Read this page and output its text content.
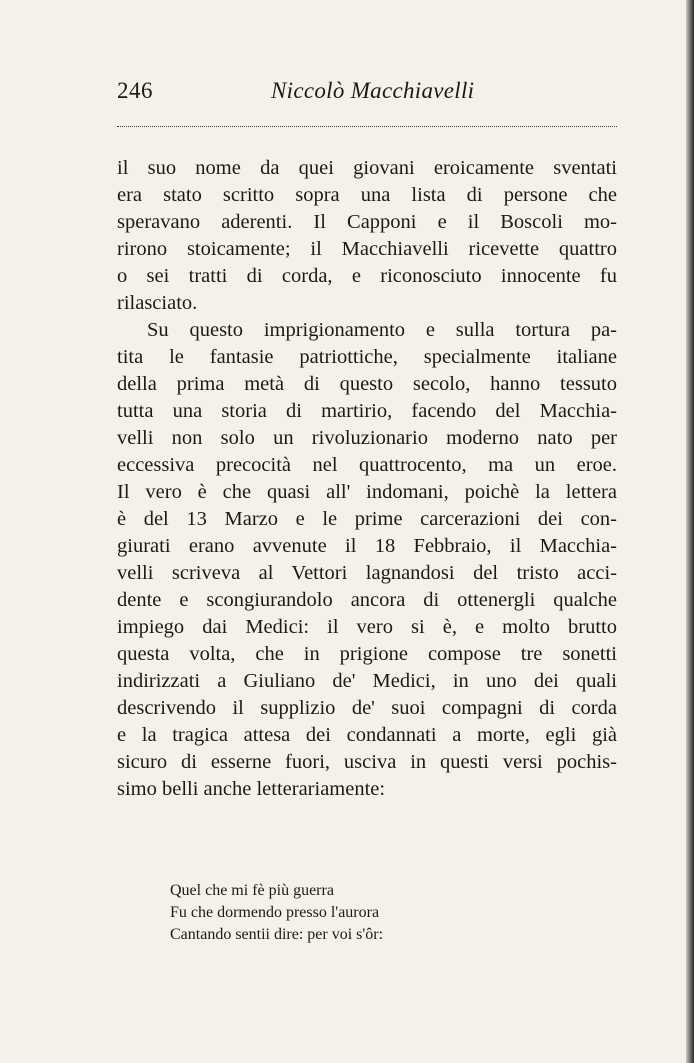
246	Niccolò Macchiavelli
il suo nome da quei giovani eroicamente sventati
era stato scritto sopra una lista di persone che
speravano aderenti. Il Capponi e il Boscoli mo-
rirono stoicamente; il Macchiavelli ricevette quattro
o sei tratti di corda, e riconosciuto innocente fu
rilasciato.
Su questo imprigionamento e sulla tortura pa-
tita le fantasie patriottiche, specialmente italiane
della prima metà di questo secolo, hanno tessuto
tutta una storia di martirio, facendo del Macchia-
velli non solo un rivoluzionario moderno nato per
eccessiva precocità nel quattrocento, ma un eroe.
Il vero è che quasi all' indomani, poichè la lettera
è del 13 Marzo e le prime carcerazioni dei con-
giurati erano avvenute il 18 Febbraio, il Macchia-
velli scriveva al Vettori lagnandosi del tristo acci-
dente e scongiurandolo ancora di ottenergli qualche
impiego dai Medici: il vero si è, e molto brutto
questa volta, che in prigione compose tre sonetti
indirizzati a Giuliano de' Medici, in uno dei quali
descrivendo il supplizio de' suoi compagni di corda
e la tragica attesa dei condannati a morte, egli già
sicuro di esserne fuori, usciva in questi versi pochis-
simo belli anche letterariamente:
Quel che mi fè più guerra
Fu che dormendo presso l'aurora
Cantando sentii dire: per voi s'ôr:
